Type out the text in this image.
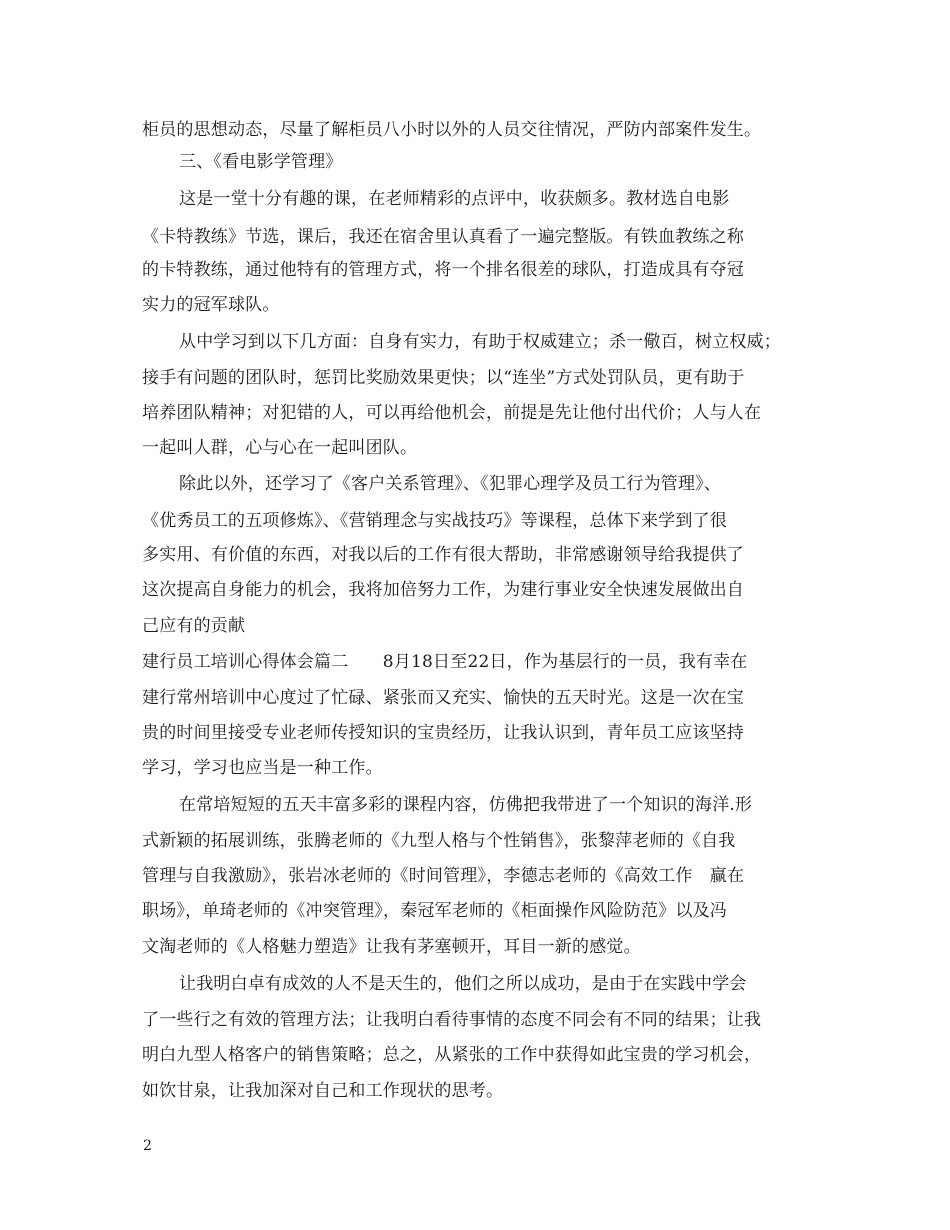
柜员的思想动态，尽量了解柜员八小时以外的人员交往情况，严防内部案件发生。
三、《看电影学管理》
这是一堂十分有趣的课，在老师精彩的点评中，收获颇多。教材选自电影
《卡特教练》节选，课后，我还在宿舍里认真看了一遍完整版。有铁血教练之称
的卡特教练，通过他特有的管理方式，将一个排名很差的球队，打造成具有夺冠
实力的冠军球队。
从中学习到以下几方面：自身有实力，有助于权威建立；杀一儆百，树立权威；
接手有问题的团队时，惩罚比奖励效果更快；以“连坐”方式处罚队员，更有助于
培养团队精神；对犯错的人，可以再给他机会，前提是先让他付出代价；人与人在
一起叫人群，心与心在一起叫团队。
除此以外，还学习了《客户关系管理》、《犯罪心理学及员工行为管理》、
《优秀员工的五项修炼》、《营销理念与实战技巧》等课程，总体下来学到了很
多实用、有价值的东西，对我以后的工作有很大帮助，非常感谢领导给我提供了
这次提高自身能力的机会，我将加倍努力工作，为建行事业安全快速发展做出自
己应有的贡献
建行员工培训心得体会篇二　　8月18日至22日，作为基层行的一员，我有幸在
建行常州培训中心度过了忙碌、紧张而又充实、愉快的五天时光。这是一次在宝
贵的时间里接受专业老师传授知识的宝贵经历，让我认识到，青年员工应该坚持
学习，学习也应当是一种工作。
在常培短短的五天丰富多彩的课程内容，仿佛把我带进了一个知识的海洋.形
式新颖的拓展训练，张腾老师的《九型人格与个性销售》，张黎萍老师的《自我
管理与自我激励》，张岩冰老师的《时间管理》，李德志老师的《高效工作　赢在
职场》，单琦老师的《冲突管理》，秦冠军老师的《柜面操作风险防范》以及冯
文淘老师的《人格魅力塑造》让我有茅塞顿开，耳目一新的感觉。
让我明白卓有成效的人不是天生的，他们之所以成功，是由于在实践中学会
了一些行之有效的管理方法；让我明白看待事情的态度不同会有不同的结果；让我
明白九型人格客户的销售策略；总之，从紧张的工作中获得如此宝贵的学习机会，
如饮甘泉，让我加深对自己和工作现状的思考。
2
